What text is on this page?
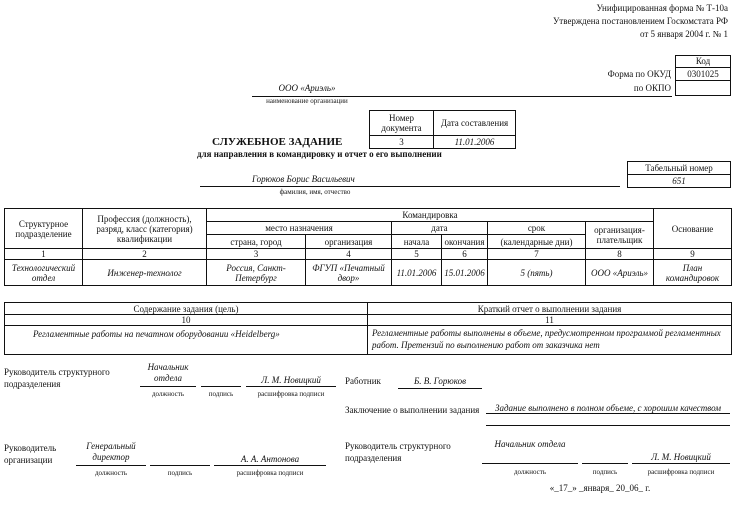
Унифицированная форма № Т-10а
Утверждена постановлением Госкомстата РФ
от 5 января 2004 г. № 1
Код
0301025
Форма по ОКУД
по ОКПО
ООО «Ариэль»
наименование организации
Номер документа	Дата составления
3	11.01.2006
СЛУЖЕБНОЕ ЗАДАНИЕ
для направления в командировку и отчет о его выполнении
Табельный номер
651
Горюков Борис Васильевич
фамилия, имя, отчество
Структурное подразделение	Профессия (должность), разряд, класс (категория) квалификации	Командировка						Основание
		место назначения		дата		срок	организация-плательщик	
		страна, город	организация	начала	окончания	(календарные дни)		
1	2	3	4	5	6	7	8	9
Технологический отдел	Инженер-технолог	Россия, Санкт-Петербург	ФГУП «Печатный двор»	11.01.2006	15.01.2006	5 (пять)	ООО «Ариэль»	План командировок
Содержание задания (цель)	Краткий отчет о выполнении задания
10	11
Регламентные работы на печатном оборудовании «Heidelberg»	Регламентные работы выполнены в объеме, предусмотренном программой регламентных работ. Претензий по выполнению работ от заказчика нет
Руководитель структурного подразделения
Начальник отдела	Л. М. Новицкий
должность	подпись	расшифровка подписи
Руководитель организации
Генеральный директор	А. А. Антонова
должность	подпись	расшифровка подписи
Работник	Б. В. Горюков
Заключение о выполнении задания	Задание выполнено в полном объеме, с хорошим качеством
Руководитель структурного подразделения
Начальник отдела
Л. М. Новицкий
должность	подпись	расшифровка подписи
«_17_» _января_ 20_06_ г.
